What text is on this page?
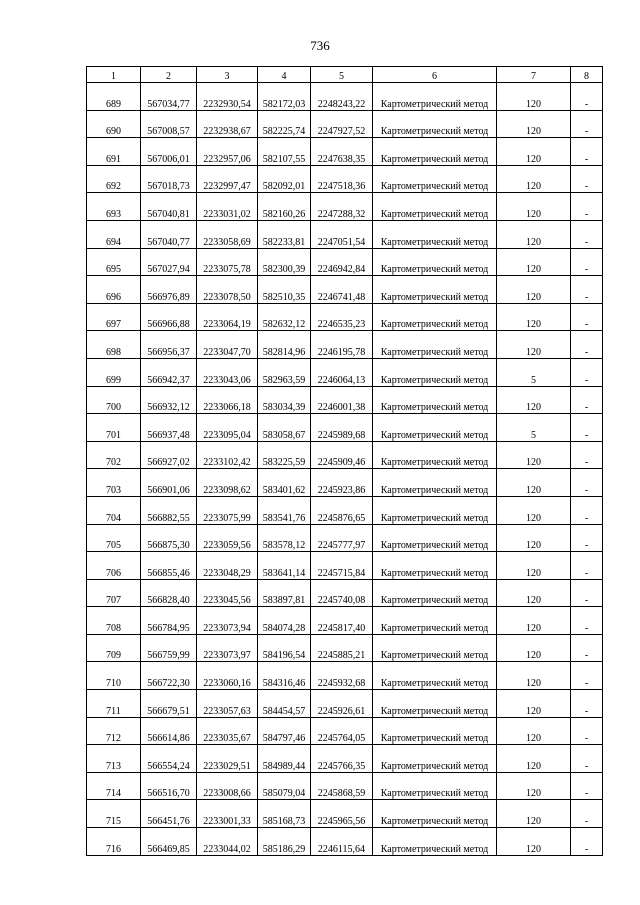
736
1	2	3	4	5	6	7	8
689	567034,77	2232930,54	582172,03	2248243,22	Картометрический метод	120	-
690	567008,57	2232938,67	582225,74	2247927,52	Картометрический метод	120	-
691	567006,01	2232957,06	582107,55	2247638,35	Картометрический метод	120	-
692	567018,73	2232997,47	582092,01	2247518,36	Картометрический метод	120	-
693	567040,81	2233031,02	582160,26	2247288,32	Картометрический метод	120	-
694	567040,77	2233058,69	582233,81	2247051,54	Картометрический метод	120	-
695	567027,94	2233075,78	582300,39	2246942,84	Картометрический метод	120	-
696	566976,89	2233078,50	582510,35	2246741,48	Картометрический метод	120	-
697	566966,88	2233064,19	582632,12	2246535,23	Картометрический метод	120	-
698	566956,37	2233047,70	582814,96	2246195,78	Картометрический метод	120	-
699	566942,37	2233043,06	582963,59	2246064,13	Картометрический метод	5	-
700	566932,12	2233066,18	583034,39	2246001,38	Картометрический метод	120	-
701	566937,48	2233095,04	583058,67	2245989,68	Картометрический метод	5	-
702	566927,02	2233102,42	583225,59	2245909,46	Картометрический метод	120	-
703	566901,06	2233098,62	583401,62	2245923,86	Картометрический метод	120	-
704	566882,55	2233075,99	583541,76	2245876,65	Картометрический метод	120	-
705	566875,30	2233059,56	583578,12	2245777,97	Картометрический метод	120	-
706	566855,46	2233048,29	583641,14	2245715,84	Картометрический метод	120	-
707	566828,40	2233045,56	583897,81	2245740,08	Картометрический метод	120	-
708	566784,95	2233073,94	584074,28	2245817,40	Картометрический метод	120	-
709	566759,99	2233073,97	584196,54	2245885,21	Картометрический метод	120	-
710	566722,30	2233060,16	584316,46	2245932,68	Картометрический метод	120	-
711	566679,51	2233057,63	584454,57	2245926,61	Картометрический метод	120	-
712	566614,86	2233035,67	584797,46	2245764,05	Картометрический метод	120	-
713	566554,24	2233029,51	584989,44	2245766,35	Картометрический метод	120	-
714	566516,70	2233008,66	585079,04	2245868,59	Картометрический метод	120	-
715	566451,76	2233001,33	585168,73	2245965,56	Картометрический метод	120	-
716	566469,85	2233044,02	585186,29	2246115,64	Картометрический метод	120	-
